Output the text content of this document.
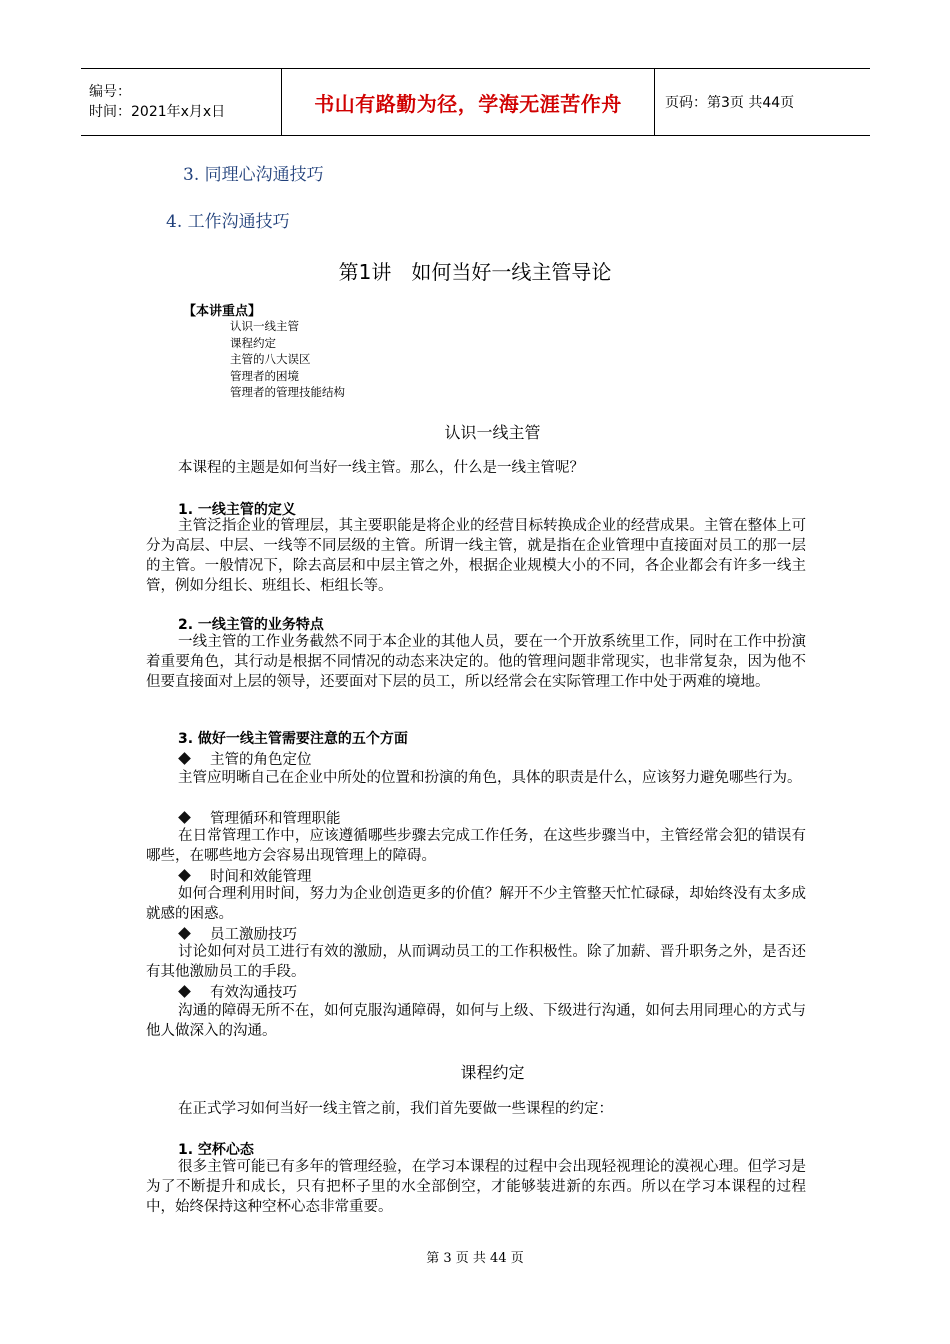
编号：
时间：2021年x月x日	书山有路勤为径，学海无涯苦作舟	页码：第3页 共44页
3. 同理心沟通技巧
4. 工作沟通技巧
第1讲　如何当好一线主管导论
【本讲重点】
认识一线主管
课程约定
主管的八大误区
管理者的困境
管理者的管理技能结构
认识一线主管

本课程的主题是如何当好一线主管。那么，什么是一线主管呢？

1. 一线主管的定义

主管泛指企业的管理层，其主要职能是将企业的经营目标转换成企业的经营成果。主管在整体上可分为高层、中层、一线等不同层级的主管。所谓一线主管，就是指在企业管理中直接面对员工的那一层的主管。一般情况下，除去高层和中层主管之外，根据企业规模大小的不同，各企业都会有许多一线主管，例如分组长、班组长、柜组长等。

2. 一线主管的业务特点

一线主管的工作业务截然不同于本企业的其他人员，要在一个开放系统里工作，同时在工作中扮演着重要角色，其行动是根据不同情况的动态来决定的。他的管理问题非常现实，也非常复杂，因为他不但要直接面对上层的领导，还要面对下层的员工，所以经常会在实际管理工作中处于两难的境地。

3. 做好一线主管需要注意的五个方面
主管的角色定位

主管应明晰自己在企业中所处的位置和扮演的角色，具体的职责是什么，应该努力避免哪些行为。

管理循环和管理职能

在日常管理工作中，应该遵循哪些步骤去完成工作任务，在这些步骤当中，主管经常会犯的错误有哪些，在哪些地方会容易出现管理上的障碍。

时间和效能管理

如何合理利用时间，努力为企业创造更多的价值？解开不少主管整天忙忙碌碌，却始终没有太多成就感的困惑。

员工激励技巧

讨论如何对员工进行有效的激励，从而调动员工的工作积极性。除了加薪、晋升职务之外，是否还有其他激励员工的手段。

有效沟通技巧

沟通的障碍无所不在，如何克服沟通障碍，如何与上级、下级进行沟通，如何去用同理心的方式与他人做深入的沟通。

课程约定

在正式学习如何当好一线主管之前，我们首先要做一些课程的约定：

1. 空杯心态

很多主管可能已有多年的管理经验，在学习本课程的过程中会出现轻视理论的漠视心理。但学习是为了不断提升和成长，只有把杯子里的水全部倒空，才能够装进新的东西。所以在学习本课程的过程中，始终保持这种空杯心态非常重要。

第 3 页 共 44 页
